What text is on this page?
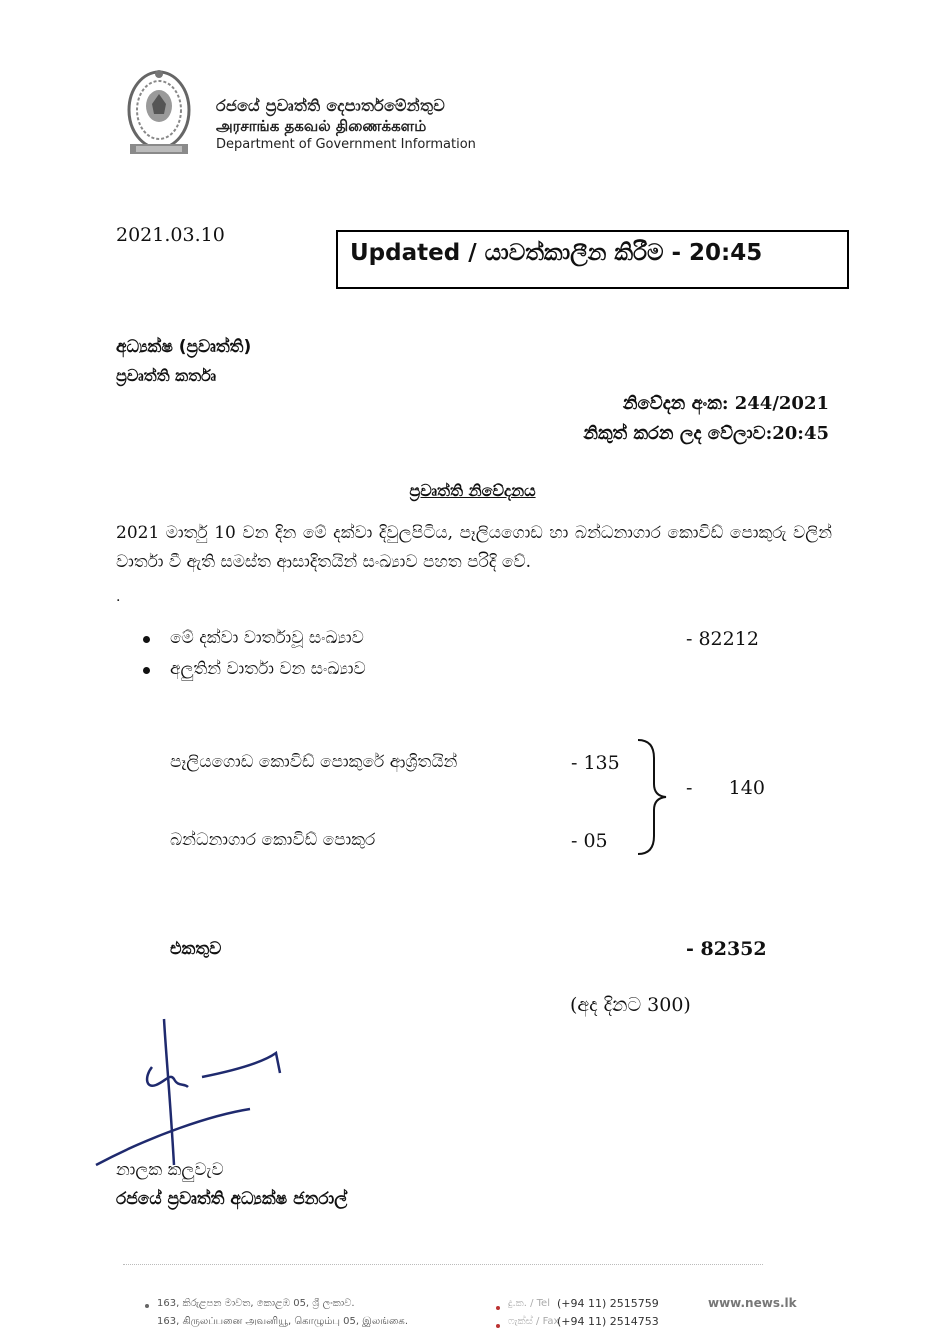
රජයේ ප්‍රවෘත්ති දෙපාර්තමේන්තුව
அரசாங்க தகவல் திணைக்களம்
Department of Government Information
2021.03.10
Updated / යාවත්කාලීන කිරීම - 20:45
අධ්‍යක්ෂ (ප්‍රවෘත්ති)
ප්‍රවෘත්ති කර්තෘ
නිවේදන අංක: 244/2021
නිකුත් කරන ලද වේලාව:20:45
ප්‍රවෘත්ති නිවේදනය
2021 මාර්තු 10 වන දින මේ දක්වා දිවුලපිටිය, පෑලියගොඩ හා බන්ධනාගාර කොවිඩ් පොකුරු වලින් වාර්තා වී ඇති සමස්ත ආසාදිතයින් සංඛ්‍යාව පහත පරිදි වේ.
.
මේ දක්වා වාර්තාවූ සංඛ්‍යාව	- 82212
අලුතින් වාර්තා වන සංඛ්‍යාව
පෑලියගොඩ කොවිඩ් පොකුරේ ආශ්‍රිතයින්	- 135
බන්ධනාගාර කොවිඩ් පොකුර	- 05
-      140
එකතුව	- 82352
(අද දිනට 300)
නාලක කලුවැව
රජයේ ප්‍රවෘත්ති අධ්‍යක්ෂ ජනරාල්
163, කිරුළපන මාවත, කොළඹ 05, ශ්‍රී ලංකාව.
163, கிருலப்பனை அவனியூ, கொழும்பு 05, இலங்கை.
දු.ක. / Tel (+94 11) 2515759
ෆැක්ස් / Fax
(+94 11) 2514753
www.news.lk
